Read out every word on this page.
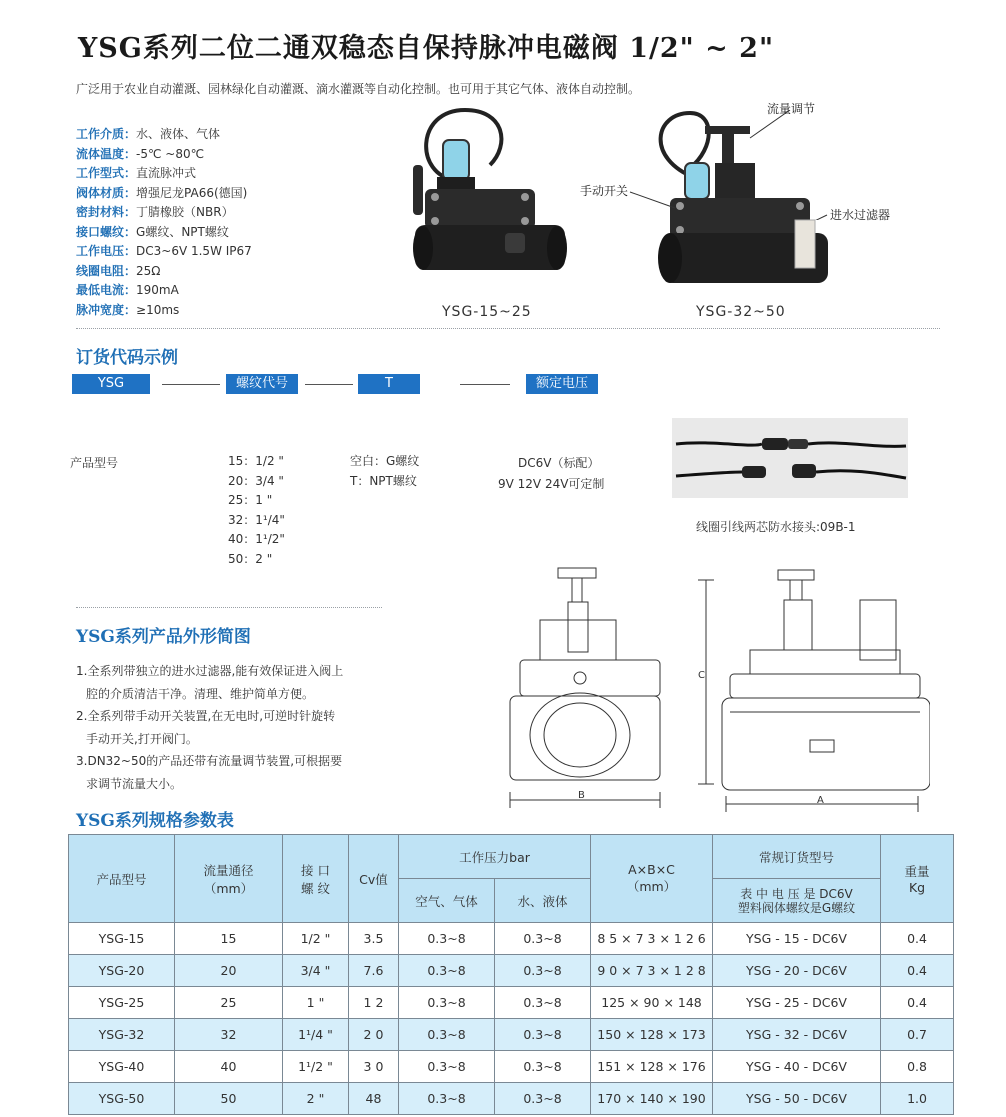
YSG系列二位二通双稳态自保持脉冲电磁阀 1/2" ~ 2"
广泛用于农业自动灌溉、园林绿化自动灌溉、滴水灌溉等自动化控制。也可用于其它气体、液体自动控制。
工作介质：水、液体、气体
流体温度：-5℃ ~80℃
工作型式：直流脉冲式
阀体材质：增强尼龙PA66(德国)
密封材料：丁腈橡胶（NBR）
接口螺纹：G螺纹、NPT螺纹
工作电压：DC3~6V 1.5W IP67
线圈电阻：25Ω
最低电流：190mA
脉冲宽度：≥10ms	YSG-15~25	YSG-32~50
流量调节
手动开关
进水过滤器
订货代码示例
YSG	螺纹代号	T	额定电压
产品型号	15：1/2 "
20：3/4 "
25：1 "
32：1¹/4"
40：1¹/2"
50：2 "
空白：G螺纹
T：NPT螺纹
DC6V（标配）
9V 12V 24V可定制
线圈引线两芯防水接头:09B-1
YSG系列产品外形简图
1.全系列带独立的进水过滤器,能有效保证进入阀上
腔的介质清洁干净。清理、维护简单方便。
2.全系列带手动开关装置,在无电时,可逆时针旋转
手动开关,打开阀门。
3.DN32~50的产品还带有流量调节装置,可根据要
求调节流量大小。
B
C
A
YSG系列规格参数表
产品型号	流量通径
（mm）	接 口
螺 纹	Cv值	工作压力bar		A×B×C
（mm）	常规订货型号	重量
Kg
				空气、气体	水、液体		表 中 电 压 是 DC6V
塑料阀体螺纹是G螺纹	
YSG-15	15	1/2 "	3.5	0.3~8	0.3~8	8 5 × 7 3 × 1 2 6	YSG - 15 - DC6V	0.4
YSG-20	20	3/4 "	7.6	0.3~8	0.3~8	9 0 × 7 3 × 1 2 8	YSG - 20 - DC6V	0.4
YSG-25	25	1 "	1 2	0.3~8	0.3~8	125 × 90 × 148	YSG - 25 - DC6V	0.4
YSG-32	32	1¹/4 "	2 0	0.3~8	0.3~8	150 × 128 × 173	YSG - 32 - DC6V	0.7
YSG-40	40	1¹/2 "	3 0	0.3~8	0.3~8	151 × 128 × 176	YSG - 40 - DC6V	0.8
YSG-50	50	2 "	48	0.3~8	0.3~8	170 × 140 × 190	YSG - 50 - DC6V	1.0
